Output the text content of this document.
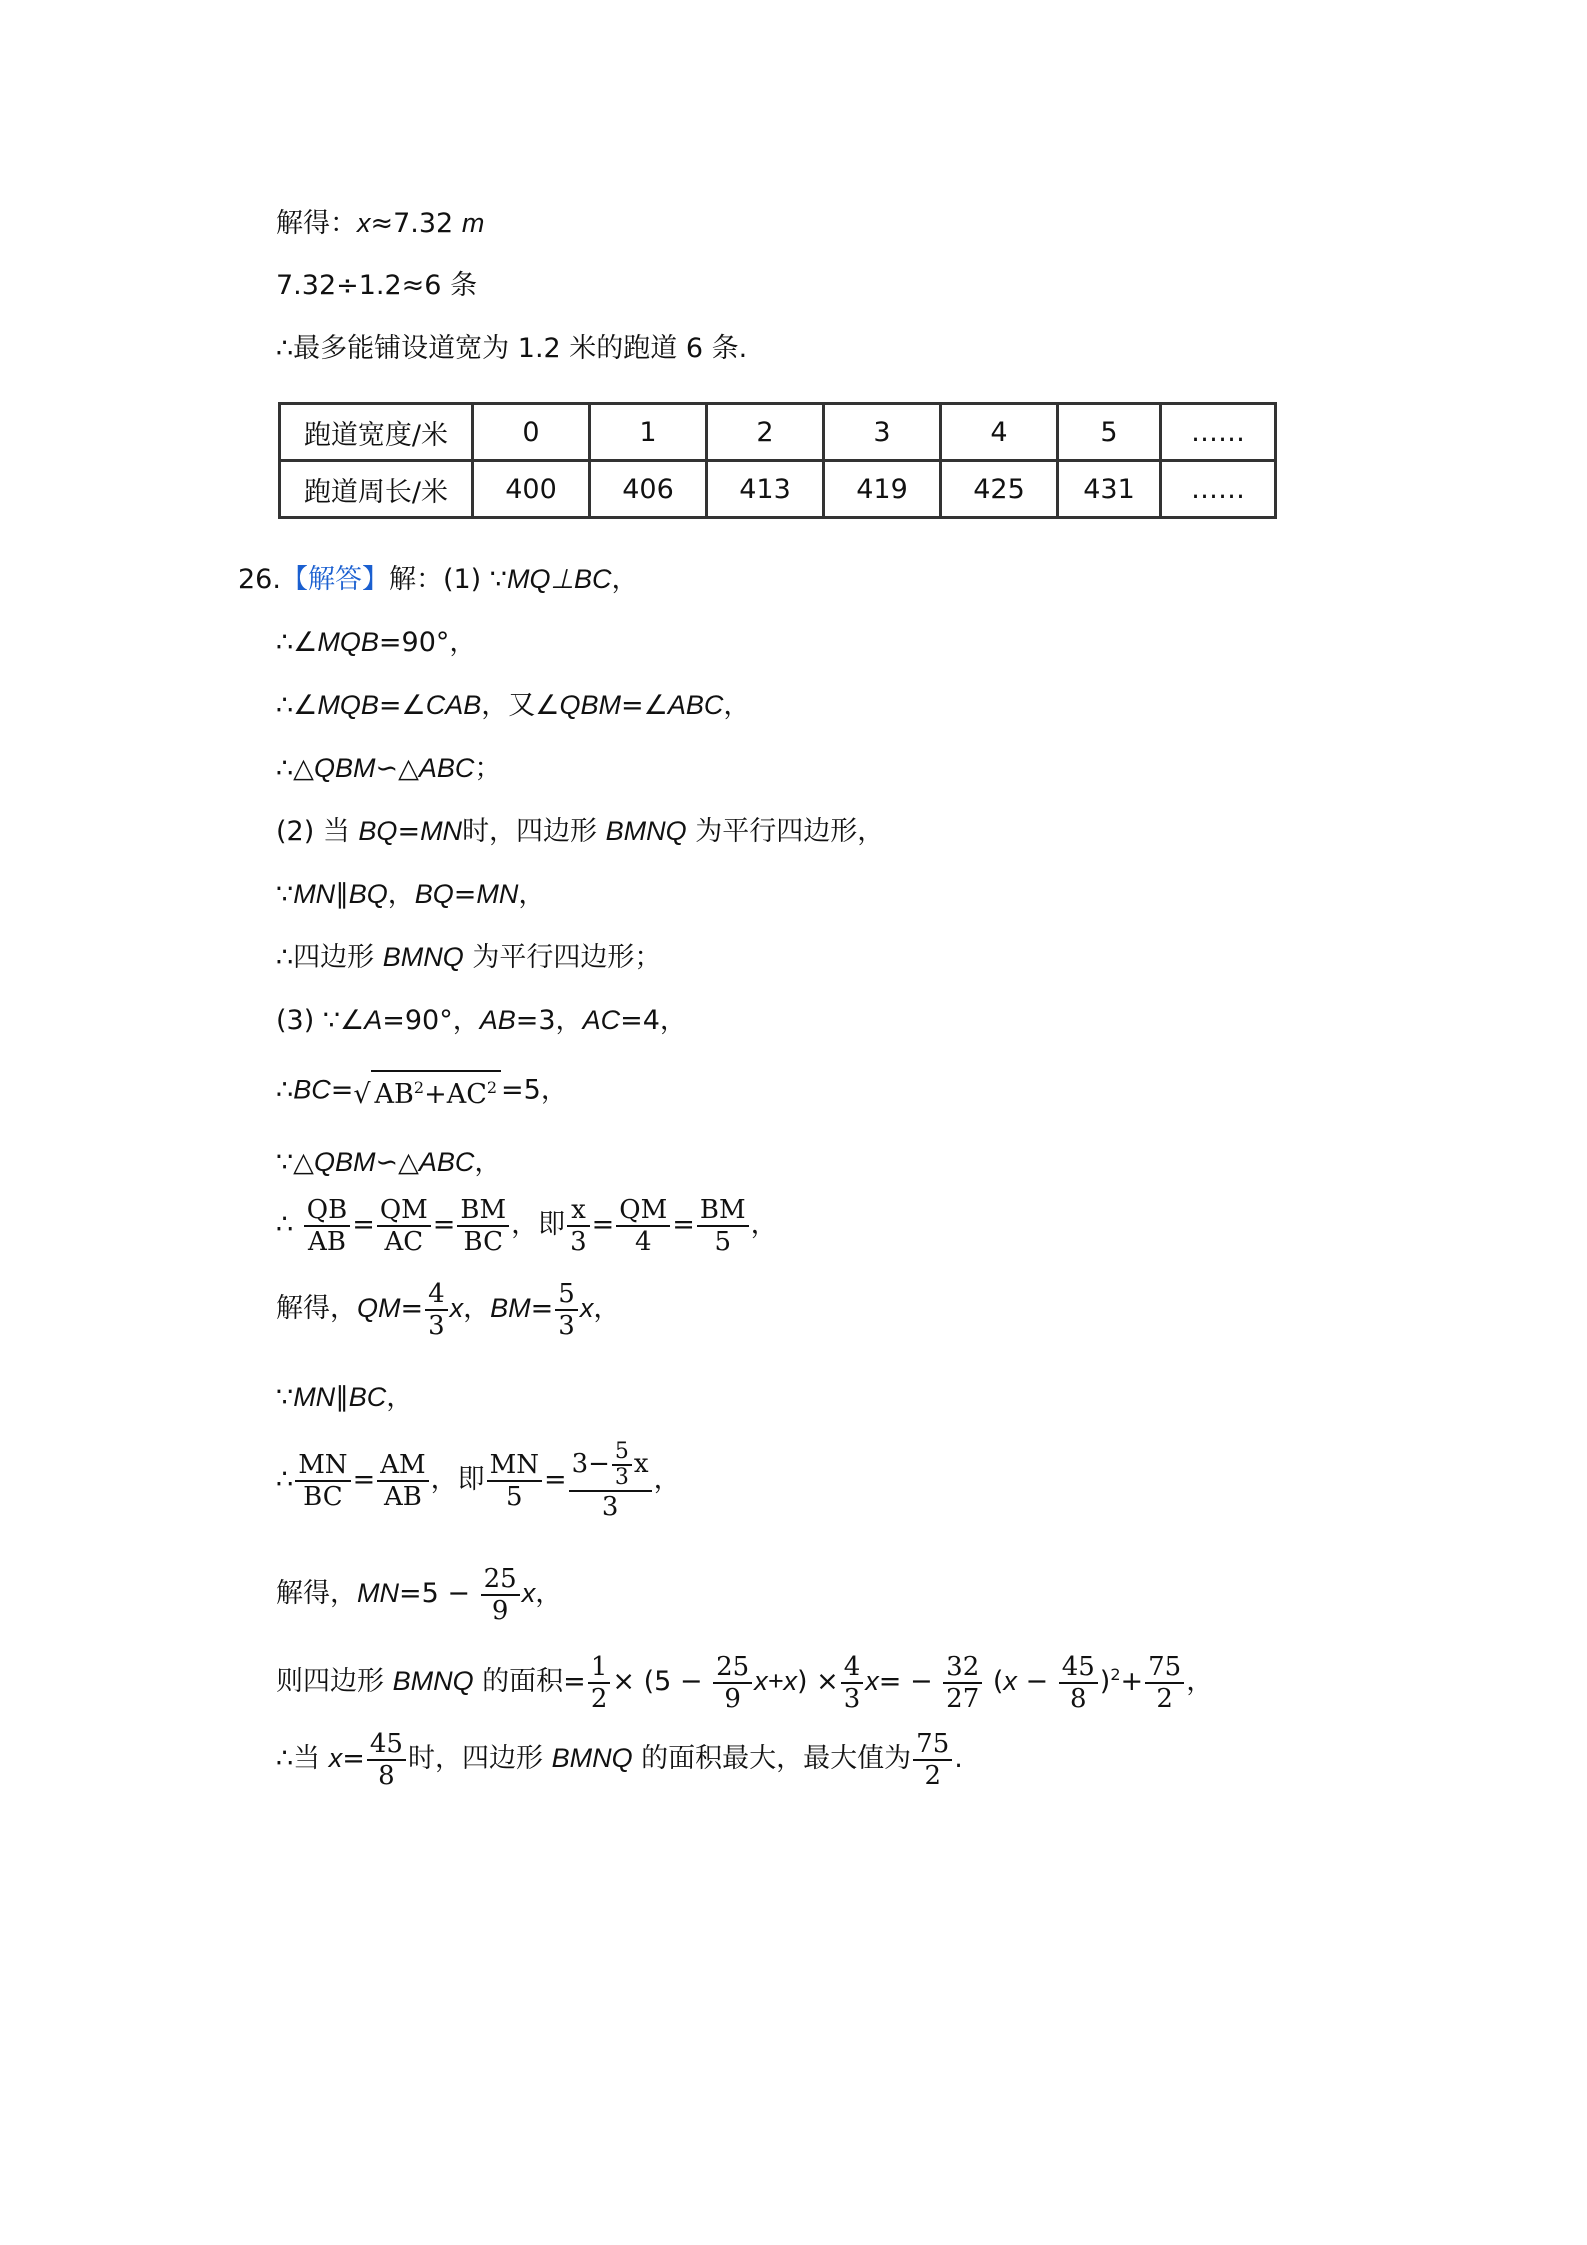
解得：x≈7.32 m
7.32÷1.2≈6 条
∴最多能铺设道宽为 1.2 米的跑道 6 条.
跑道宽度/米	0	1	2	3	4	5	……
跑道周长/米	400	406	413	419	425	431	……
26.【解答】解：(1) ∵MQ⊥BC，
∴∠MQB=90°，
∴∠MQB=∠CAB，又∠QBM=∠ABC，
∴△QBM∽△ABC；
(2) 当 BQ=MN时，四边形 BMNQ 为平行四边形，
∵MN∥BQ，BQ=MN，
∴四边形 BMNQ 为平行四边形；
(3) ∵∠A=90°，AB=3，AC=4，
∴BC=√ $AB^2+AC^2 =5$，
∵△QBM∽△ABC，
∴ $\frac{QB}{AB} = \frac{QM}{AC} = \frac{BM}{BC}$ ，即 $\frac{x}{3} = \frac{QM}{4} = \frac{BM}{5}$ ，
解得，$QM= \frac{4}{3}$ x，$BM= \frac{5}{3}$ x，
∵MN∥BC，
∴ $\frac{MN}{BC} = \frac{AM}{AB}$ ，即 $\frac{MN}{5} = \frac{3- \frac{5}{3} x}{3}$ ，
解得，$MN=5 - \frac{25}{9}$ x，
则四边形 BMNQ 的面积= $\frac{1}{2} \times (5 - \frac{25}{9} x+x) \times \frac{4}{3} x= - \frac{32}{27} (x - \frac{45}{8} )^2+ \frac{75}{2}$ ，
∴当 $x= \frac{45}{8}$ 时，四边形 BMNQ 的面积最大，最大值为 $\frac{75}{2}$ .
